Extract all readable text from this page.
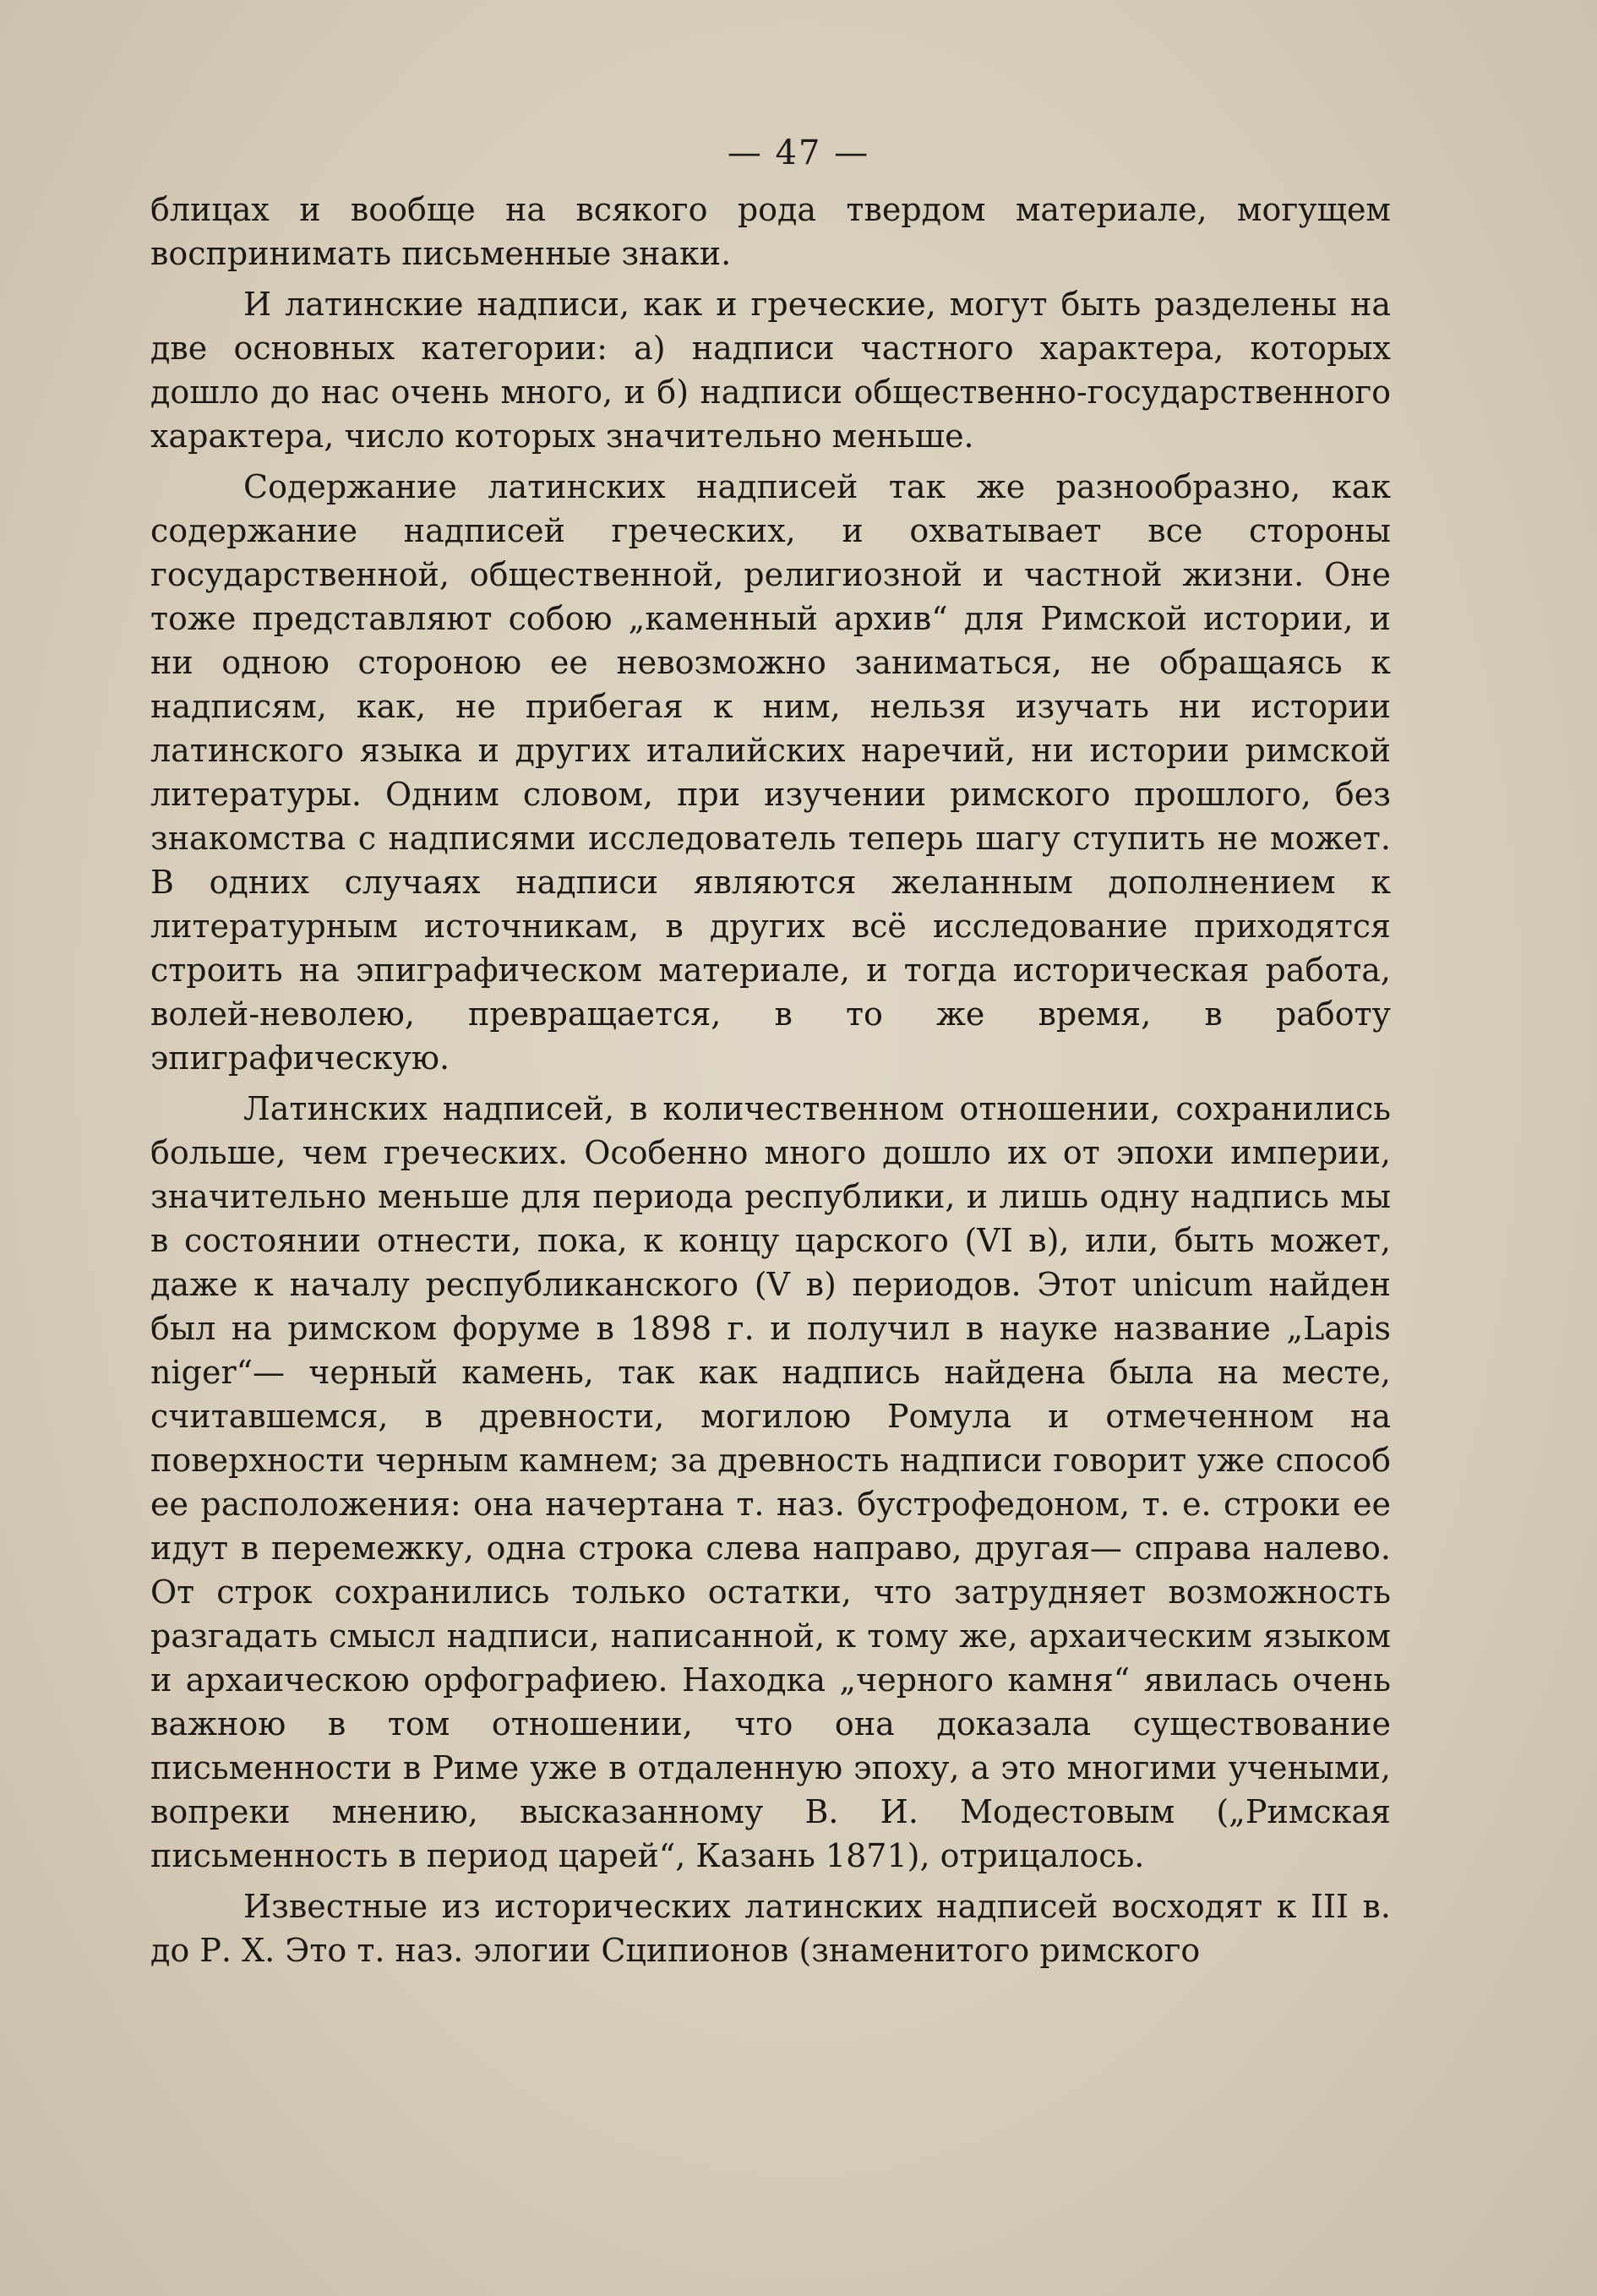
— 47 —

блицах и вообще на всякого рода твердом материале, могущем воспринимать письменные знаки.

И латинские надписи, как и греческие, могут быть разделены на две основных категории: а) надписи частного характера, которых дошло до нас очень много, и б) надписи общественно-государственного характера, число которых значительно меньше.

Содержание латинских надписей так же разнообразно, как содержание надписей греческих, и охватывает все стороны государственной, общественной, религиозной и частной жизни. Оне тоже представляют собою „каменный архив“ для Римской истории, и ни одною стороною ее невозможно заниматься, не обращаясь к надписям, как, не прибегая к ним, нельзя изучать ни истории латинского языка и других италийских наречий, ни истории римской литературы. Одним словом, при изучении римского прошлого, без знакомства с надписями исследователь теперь шагу ступить не может. В одних случаях надписи являются желанным дополнением к литературным источникам, в других всё исследование приходятся строить на эпиграфическом материале, и тогда историческая работа, волей-неволею, превращается, в то же время, в работу эпиграфическую.

Латинских надписей, в количественном отношении, сохранились больше, чем греческих. Особенно много дошло их от эпохи империи, значительно меньше для периода республики, и лишь одну надпись мы в состоянии отнести, пока, к концу царского (VI в), или, быть может, даже к началу республиканского (V в) периодов. Этот unicum найден был на римском форуме в 1898 г. и получил в науке название „Lapis niger“— черный камень, так как надпись найдена была на месте, считавшемся, в древности, могилою Ромула и отмеченном на поверхности черным камнем; за древность надписи говорит уже способ ее расположения: она начертана т. наз. бустрофедоном, т. е. строки ее идут в перемежку, одна строка слева направо, другая— справа налево. От строк сохранились только остатки, что затрудняет возможность разгадать смысл надписи, написанной, к тому же, архаическим языком и архаическою орфографиею. Находка „черного камня“ явилась очень важною в том отношении, что она доказала существование письменности в Риме уже в отдаленную эпоху, а это многими учеными, вопреки мнению, высказанному В. И. Модестовым („Римская письменность в период царей“, Казань 1871), отрицалось.

Известные из исторических латинских надписей восходят к III в. до Р. Х. Это т. наз. элогии Сципионов (знаменитого римского
